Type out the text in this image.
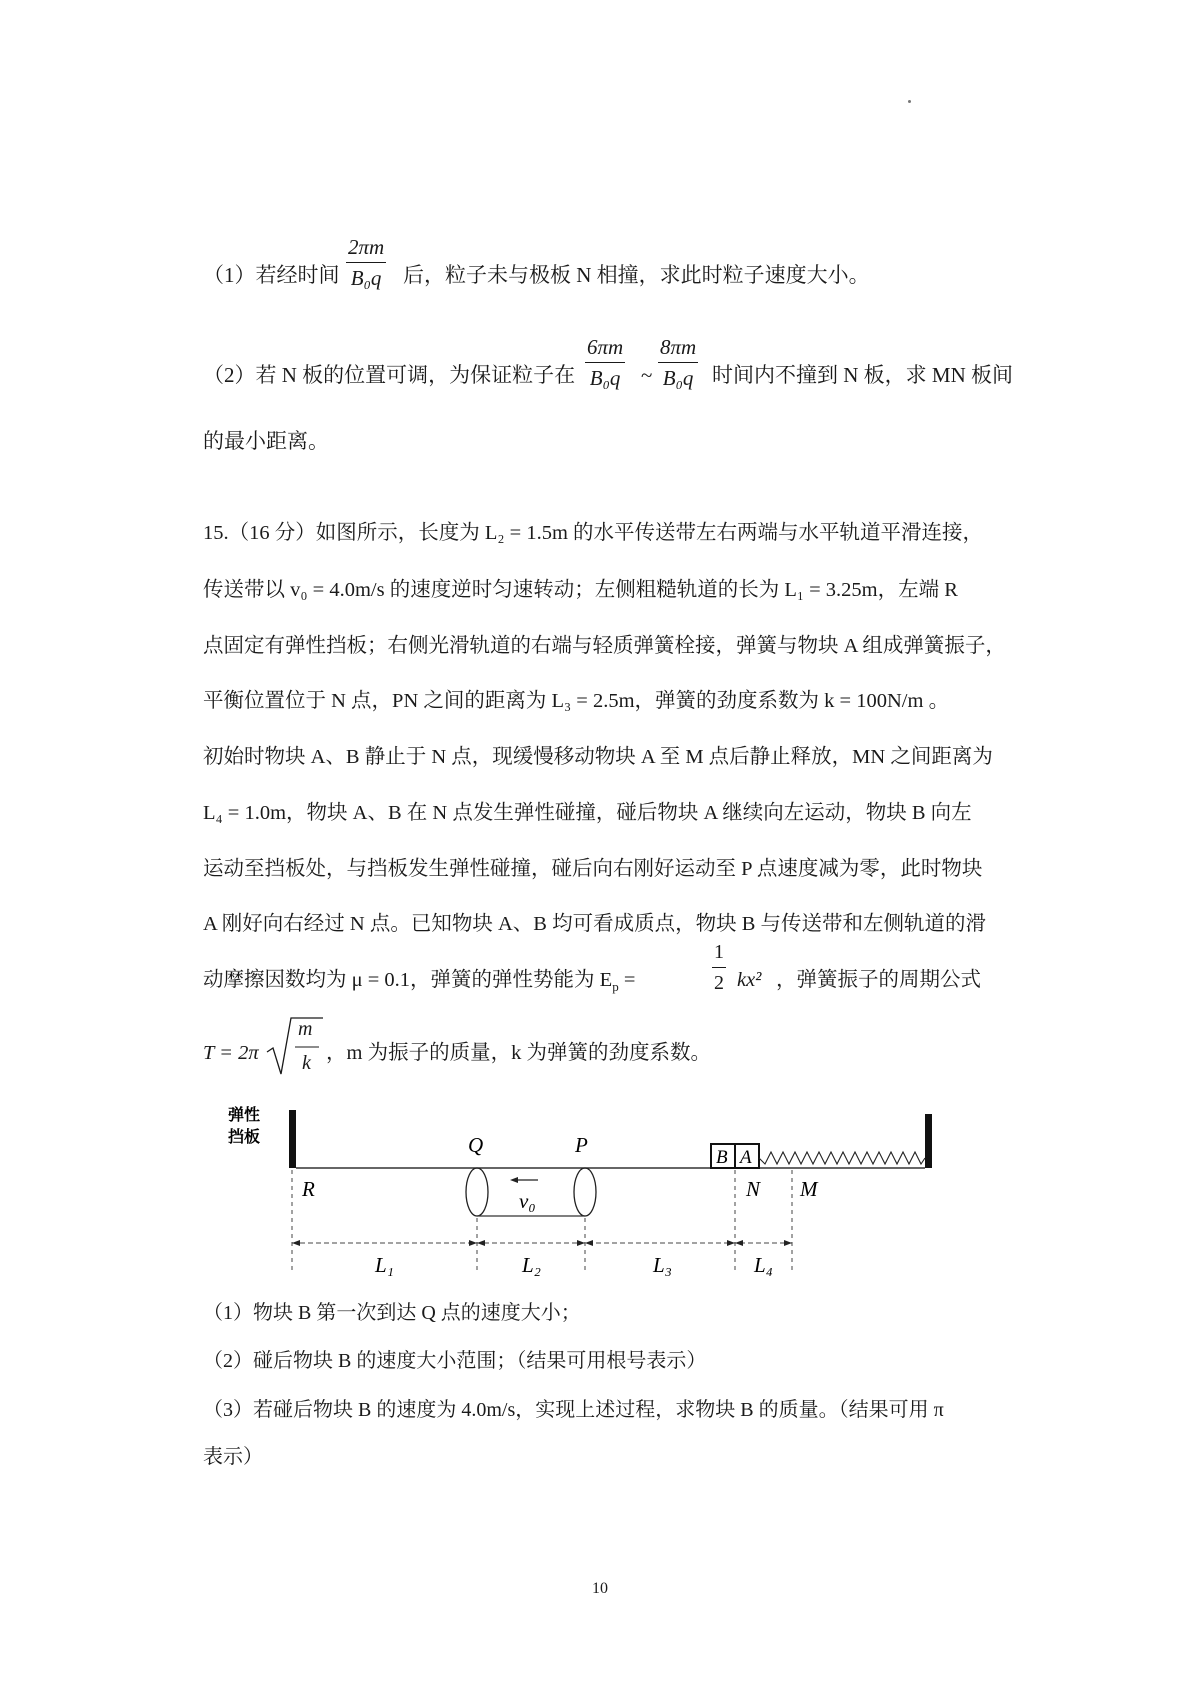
（1）若经时间 $\frac{2\pi m}{\text{B₀q}}$ 后，粒子未与极板 N 相撞，求此时粒子速度大小。
（2）若 N 板的位置可调，为保证粒子在 $\frac{6\pi m}{\text{B₀q}}$ ~ $\frac{8\pi m}{\text{B₀q}}$ 时间内不撞到 N 板，求 MN 板间
的最小距离。
15.（16 分）如图所示，长度为 L₂ = 1.5m 的水平传送带左右两端与水平轨道平滑连接，
传送带以 v₀ = 4.0m/s 的速度逆时匀速转动；左侧粗糙轨道的长为 L₁ = 3.25m，左端 R
点固定有弹性挡板；右侧光滑轨道的右端与轻质弹簧栓接，弹簧与物块 A 组成弹簧振子，
平衡位置位于 N 点，PN 之间的距离为 L₃ = 2.5m，弹簧的劲度系数为 k = 100N/m 。
初始时物块 A、B 静止于 N 点，现缓慢移动物块 A 至 M 点后静止释放，MN 之间距离为
L₄ = 1.0m，物块 A、B 在 N 点发生弹性碰撞，碰后物块 A 继续向左运动，物块 B 向左
运动至挡板处，与挡板发生弹性碰撞，碰后向右刚好运动至 P 点速度减为零，此时物块
A 刚好向右经过 N 点。已知物块 A、B 均可看成质点，物块 B 与传送带和左侧轨道的滑
动摩擦因数均为 μ = 0.1，弹簧的弹性势能为 $E_p$ =	$\frac{1}{2} kx^2$ ，弹簧振子的周期公式
T = 2π
m
k ，m 为振子的质量，k 为弹簧的劲度系数。
弹性
挡板
v₀
B A
Q	P
R	N M
L₁	L₂	L₃	L₄
（1）物块 B 第一次到达 Q 点的速度大小；
（2）碰后物块 B 的速度大小范围；（结果可用根号表示）
（3）若碰后物块 B 的速度为 4.0m/s，实现上述过程，求物块 B 的质量。（结果可用 π
表示）
10
